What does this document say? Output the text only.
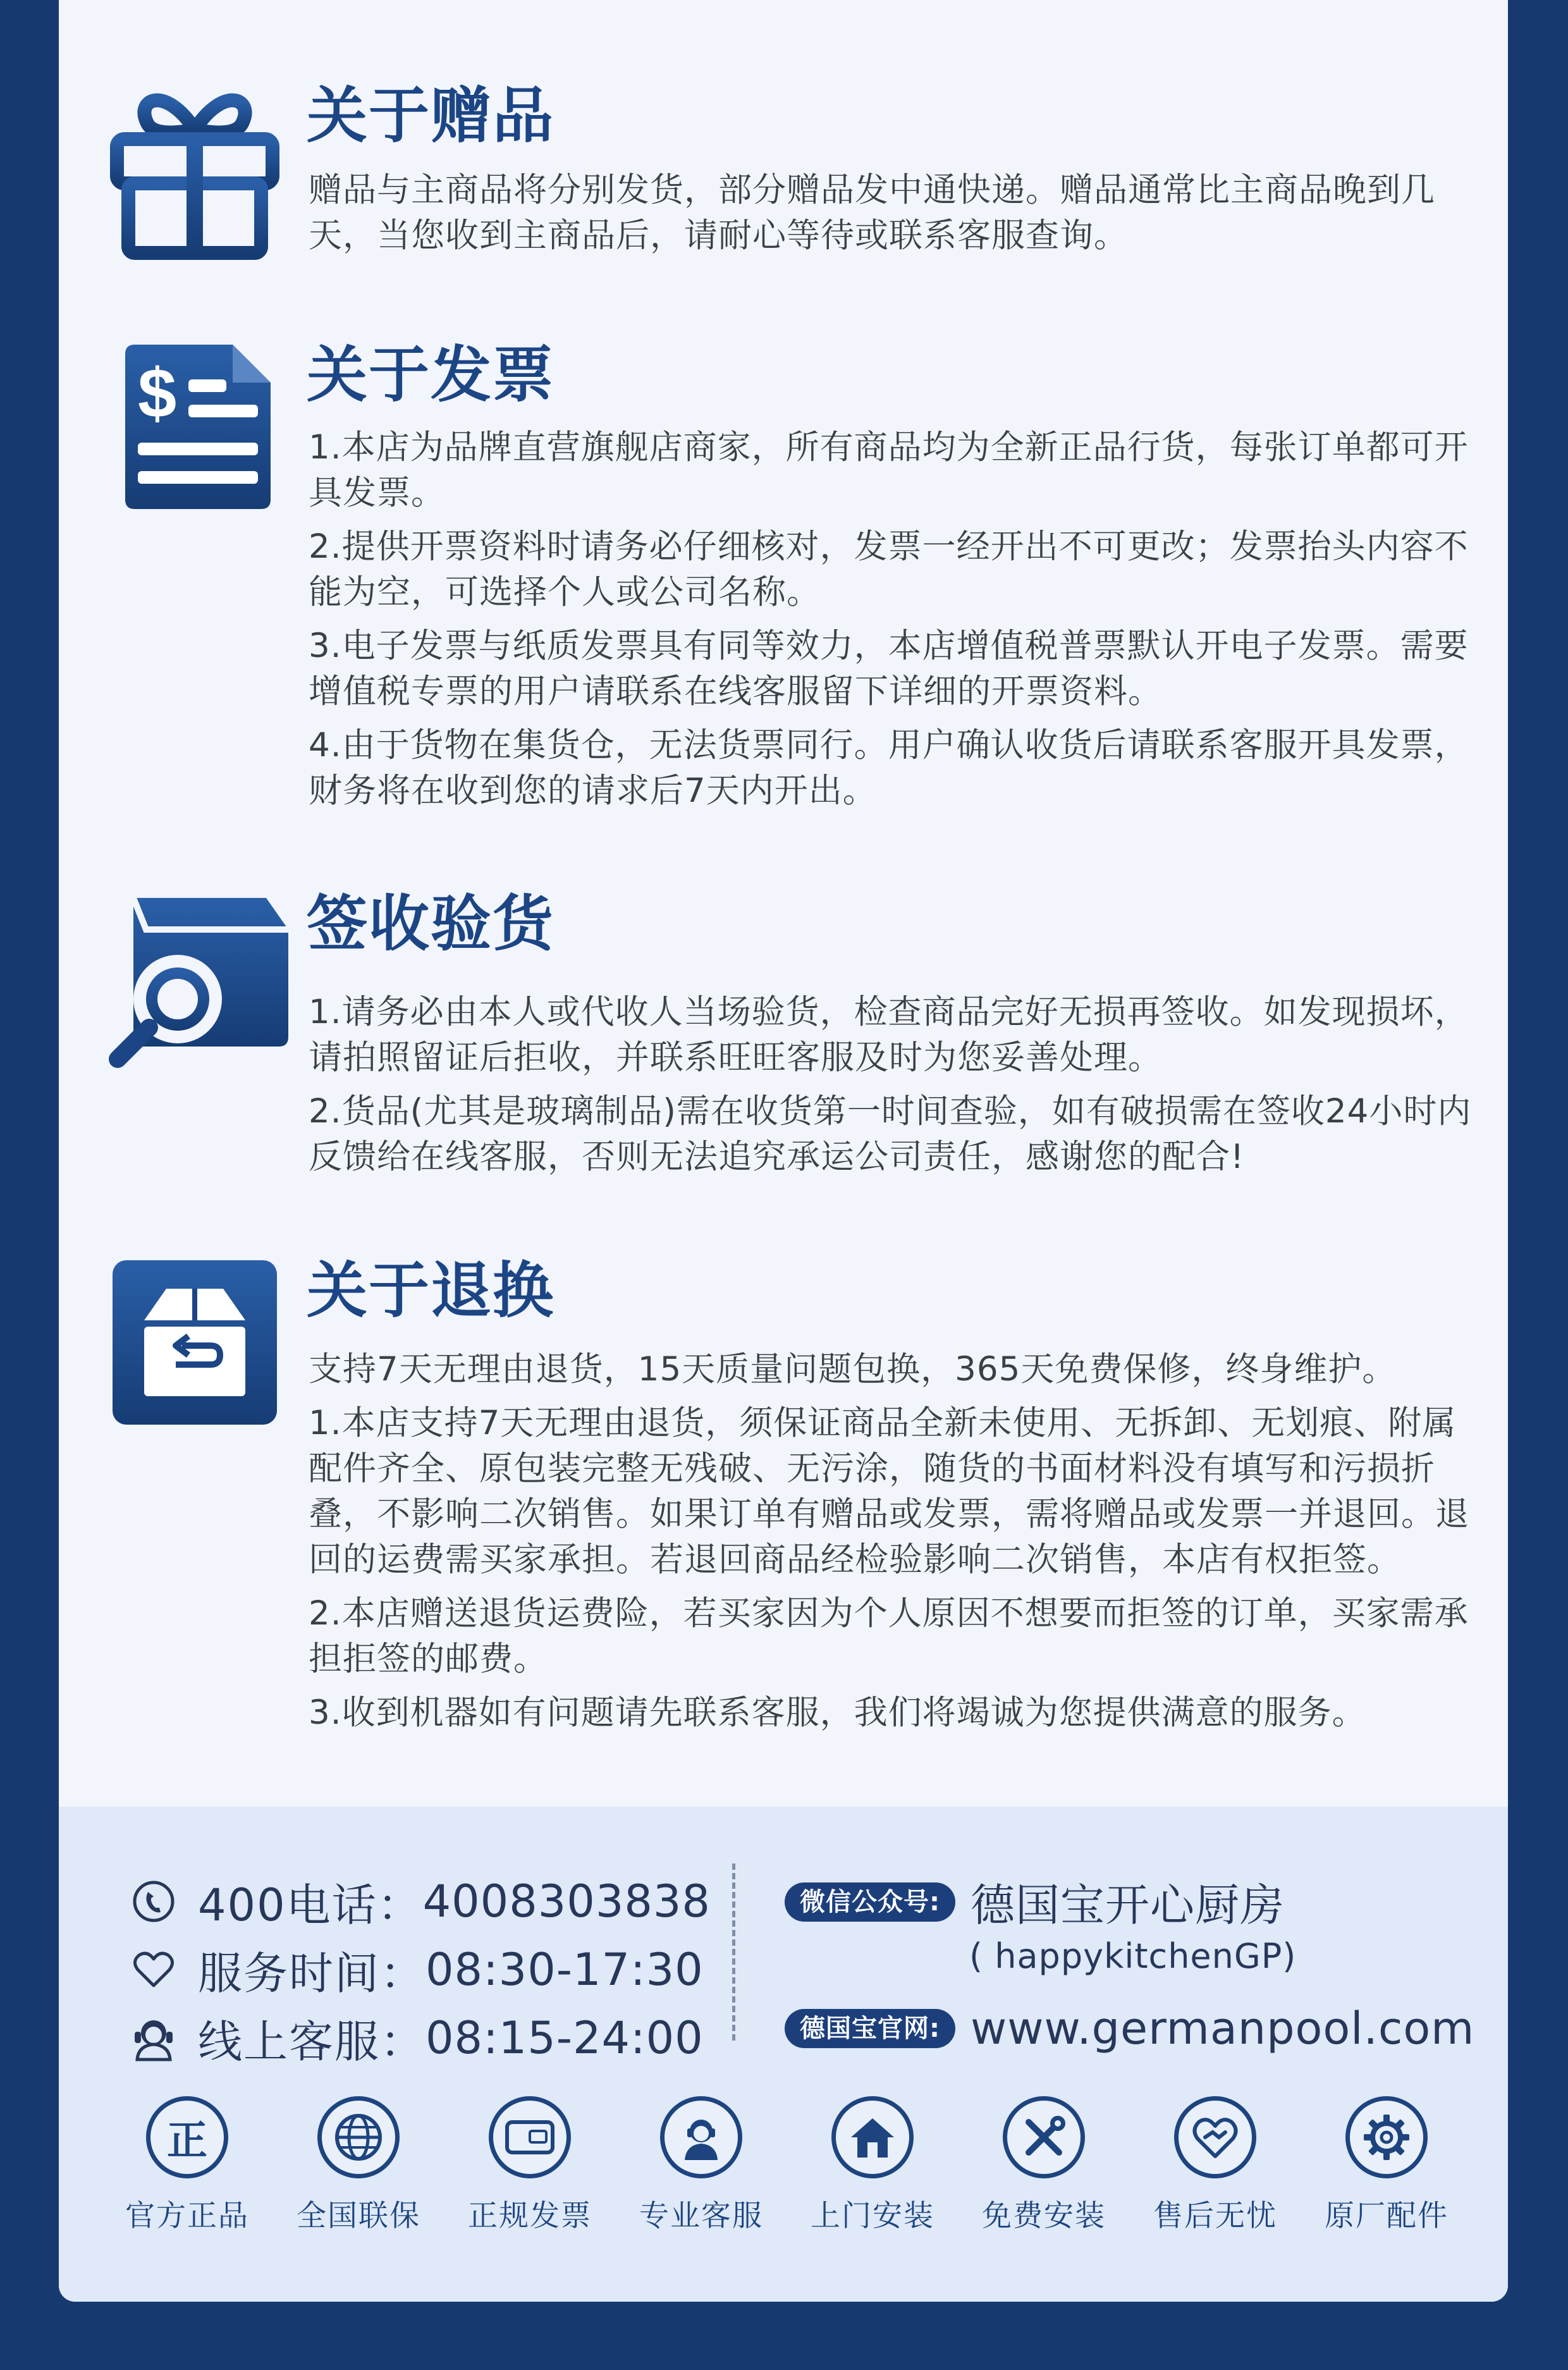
关于赠品

赠品与主商品将分别发货，部分赠品发中通快递。赠品通常比主商品晚到几天，当您收到主商品后，请耐心等待或联系客服查询。

$ 关于发票

1.本店为品牌直营旗舰店商家，所有商品均为全新正品行货，每张订单都可开具发票。

2.提供开票资料时请务必仔细核对，发票一经开出不可更改；发票抬头内容不能为空，可选择个人或公司名称。

3.电子发票与纸质发票具有同等效力，本店增值税普票默认开电子发票。需要增值税专票的用户请联系在线客服留下详细的开票资料。

4.由于货物在集货仓，无法货票同行。用户确认收货后请联系客服开具发票，财务将在收到您的请求后7天内开出。

签收验货

1.请务必由本人或代收人当场验货，检查商品完好无损再签收。如发现损坏，请拍照留证后拒收，并联系旺旺客服及时为您妥善处理。

2.货品(尤其是玻璃制品)需在收货第一时间查验，如有破损需在签收24小时内反馈给在线客服，否则无法追究承运公司责任，感谢您的配合!

关于退换

支持7天无理由退货，15天质量问题包换，365天免费保修，终身维护。

1.本店支持7天无理由退货，须保证商品全新未使用、无拆卸、无划痕、附属配件齐全、原包装完整无残破、无污涂，随货的书面材料没有填写和污损折叠，不影响二次销售。如果订单有赠品或发票，需将赠品或发票一并退回。退回的运费需买家承担。若退回商品经检验影响二次销售，本店有权拒签。

2.本店赠送退货运费险，若买家因为个人原因不想要而拒签的订单，买家需承担拒签的邮费。

3.收到机器如有问题请先联系客服，我们将竭诚为您提供满意的服务。

400电话： 4008303838
服务时间： 08:30-17:30
线上客服： 08:15-24:00
微信公众号: 德国宝开心厨房
( happykitchenGP)
德国宝官网: www.germanpool.com
正
官方正品	全国联保	正规发票	专业客服	上门安装	免费安装	售后无忧	原厂配件
